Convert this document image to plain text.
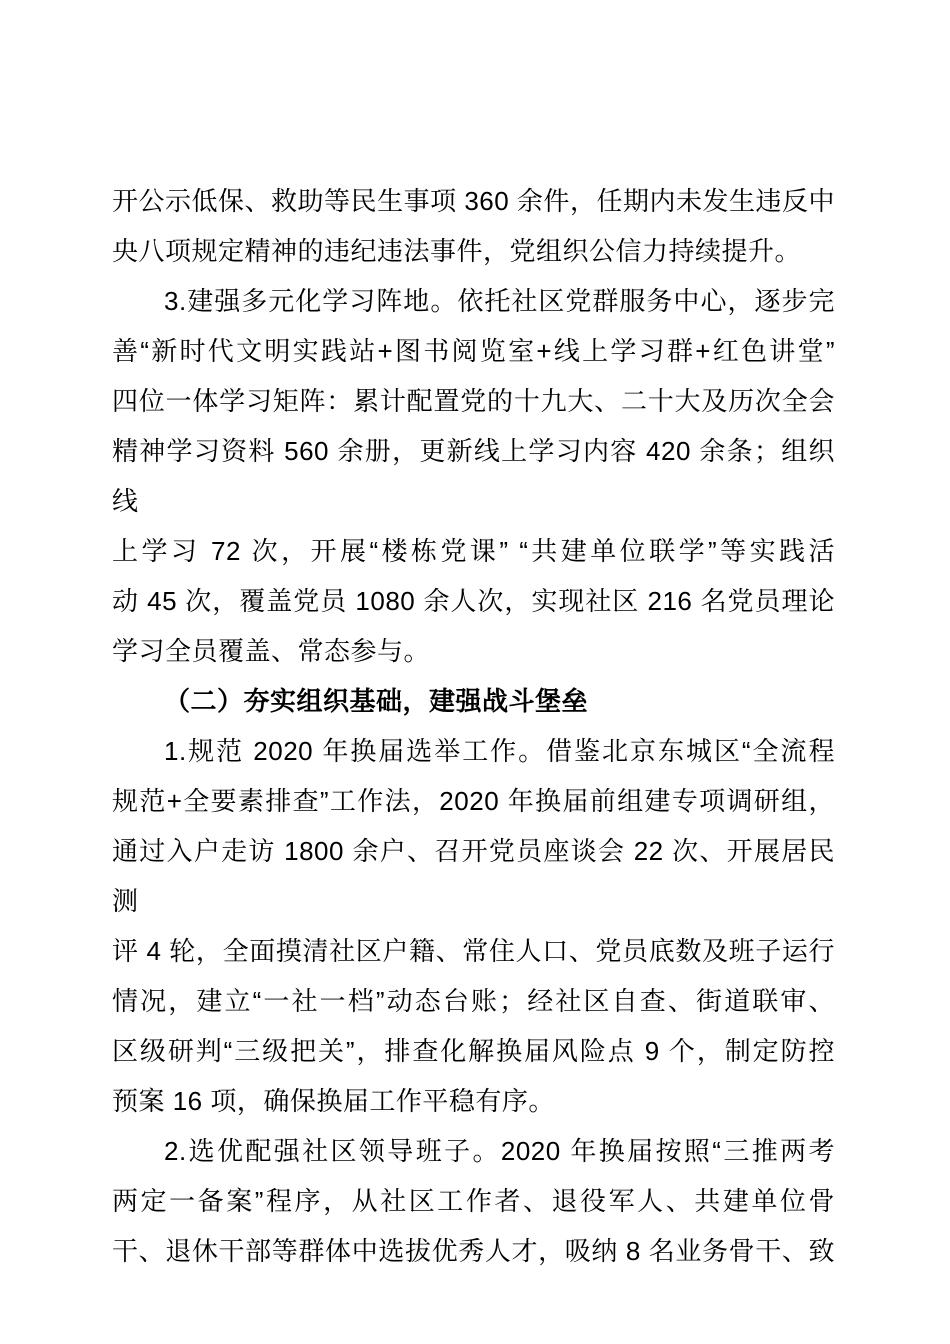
开公示低保、救助等民生事项 360 余件，任期内未发生违反中
央八项规定精神的违纪违法事件，党组织公信力持续提升。
3.建强多元化学习阵地。依托社区党群服务中心，逐步完
善“新时代文明实践站+图书阅览室+线上学习群+红色讲堂”
四位一体学习矩阵：累计配置党的十九大、二十大及历次全会
精神学习资料 560 余册，更新线上学习内容 420 余条；组织线
上学习 72 次，开展“楼栋党课” “共建单位联学”等实践活
动 45 次，覆盖党员 1080 余人次，实现社区 216 名党员理论
学习全员覆盖、常态参与。
（二）夯实组织基础，建强战斗堡垒
1.规范 2020 年换届选举工作。借鉴北京东城区“全流程
规范+全要素排查”工作法，2020 年换届前组建专项调研组，
通过入户走访 1800 余户、召开党员座谈会 22 次、开展居民测
评 4 轮，全面摸清社区户籍、常住人口、党员底数及班子运行
情况，建立“一社一档”动态台账；经社区自查、街道联审、
区级研判“三级把关”，排查化解换届风险点 9 个，制定防控
预案 16 项，确保换届工作平稳有序。
2.选优配强社区领导班子。2020 年换届按照“三推两考
两定一备案”程序，从社区工作者、退役军人、共建单位骨
干、退休干部等群体中选拔优秀人才，吸纳 8 名业务骨干、致
